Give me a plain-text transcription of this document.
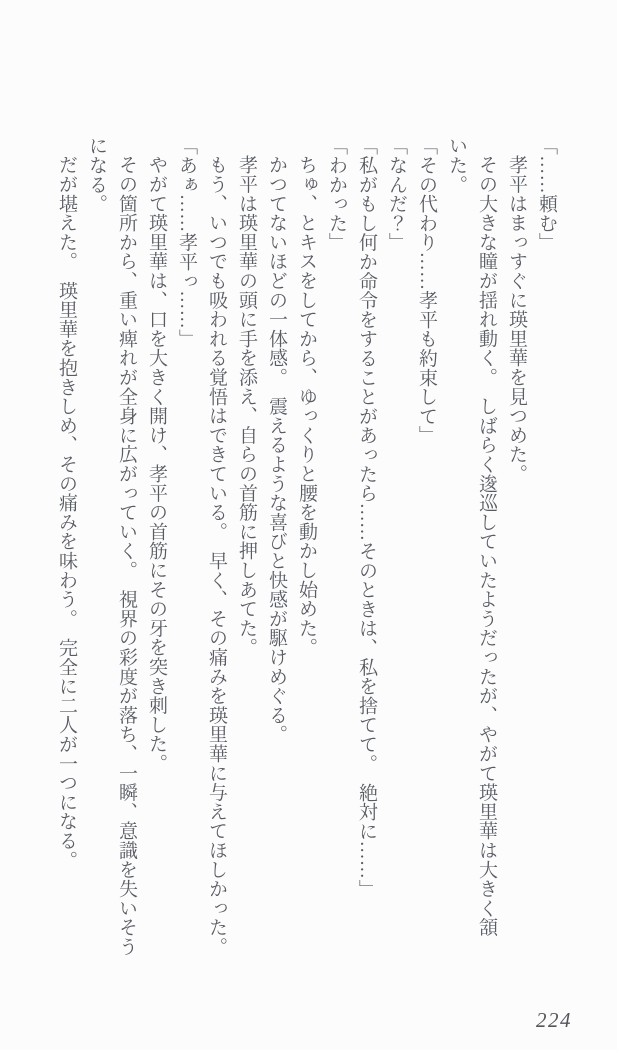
「……頼む」
孝平はまっすぐに瑛里華を見つめた。
その大きな瞳が揺れ動く。　しばらく逡巡していたようだったが、やがて瑛里華は大きく頷
いた。
「その代わり……孝平も約束して」
「なんだ？」
「私がもし何か命令をすることがあったら……そのときは、私を捨てて。　絶対に……」
「わかった」
ちゅ、とキスをしてから、ゆっくりと腰を動かし始めた。
かつてないほどの一体感。　震えるような喜びと快感が駆けめぐる。
孝平は瑛里華の頭に手を添え、自らの首筋に押しあてた。
もう、いつでも吸われる覚悟はできている。　早く、その痛みを瑛里華に与えてほしかった。
「あぁ……孝平っ……」
やがて瑛里華は、口を大きく開け、孝平の首筋にその牙を突き刺した。
その箇所から、重い痺れが全身に広がっていく。　視界の彩度が落ち、一瞬、意識を失いそう
になる。
だが堪えた。　瑛里華を抱きしめ、その痛みを味わう。　完全に二人が一つになる。
224
